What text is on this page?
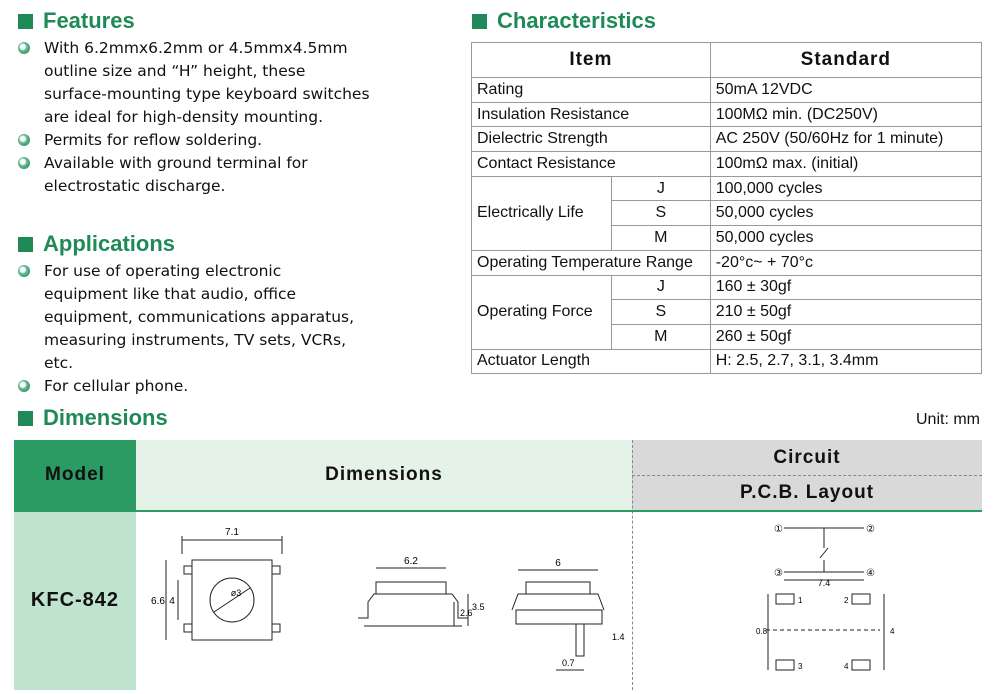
Features
With 6.2mmx6.2mm or 4.5mmx4.5mm outline size and “H” height, these surface-mounting type keyboard switches are ideal for high-density mounting.
Permits for reflow soldering.
Available with ground terminal for electrostatic discharge.
Applications
For use of operating electronic equipment like that audio, office equipment, communications apparatus, measuring instruments, TV sets, VCRs, etc.
For cellular phone.
Characteristics
Item		Standard
Rating		50mA 12VDC
Insulation Resistance		100MΩ min. (DC250V)
Dielectric Strength		AC 250V (50/60Hz for 1 minute)
Contact Resistance		100mΩ max. (initial)
Electrically Life	J	100,000 cycles
	S	50,000 cycles
	M	50,000 cycles
Operating Temperature Range		-20°c~ + 70°c
Operating Force	J	160 ± 30gf
	S	210 ± 50gf
	M	260 ± 50gf
Actuator Length		H: 2.5, 2.7, 3.1, 3.4mm
Dimensions	Unit: mm
Model	Dimensions
Circuit
P.C.B. Layout
KFC-842
7.1
6.6 4
ø3
6.2
2.6
3.5
6
1.4
0.7
①	②
③	④
7.4
1	2
3	4
0.8	4
